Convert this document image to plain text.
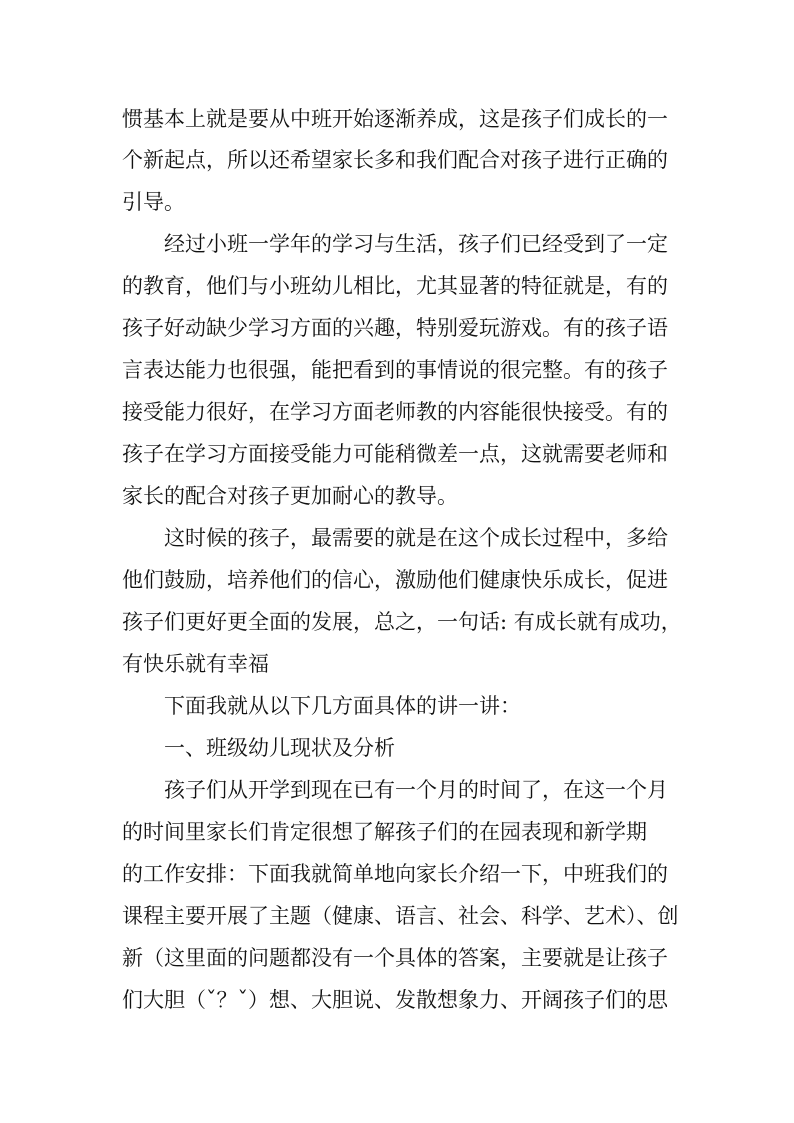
惯基本上就是要从中班开始逐渐养成，这是孩子们成长的一
个新起点，所以还希望家长多和我们配合对孩子进行正确的
引导。
经过小班一学年的学习与生活，孩子们已经受到了一定
的教育，他们与小班幼儿相比，尤其显著的特征就是，有的
孩子好动缺少学习方面的兴趣，特别爱玩游戏。有的孩子语
言表达能力也很强，能把看到的事情说的很完整。有的孩子
接受能力很好，在学习方面老师教的内容能很快接受。有的
孩子在学习方面接受能力可能稍微差一点，这就需要老师和
家长的配合对孩子更加耐心的教导。
这时候的孩子，最需要的就是在这个成长过程中，多给
他们鼓励，培养他们的信心，激励他们健康快乐成长，促进
孩子们更好更全面的发展，总之，一句话: 有成长就有成功，
有快乐就有幸福
下面我就从以下几方面具体的讲一讲：
一、班级幼儿现状及分析
孩子们从开学到现在已有一个月的时间了，在这一个月
的时间里家长们肯定很想了解孩子们的在园表现和新学期
的工作安排：下面我就简单地向家长介绍一下，中班我们的
课程主要开展了主题（健康、语言、社会、科学、艺术）、创
新（这里面的问题都没有一个具体的答案，主要就是让孩子
们大胆（ˇ？ˇ）想、大胆说、发散想象力、开阔孩子们的思
